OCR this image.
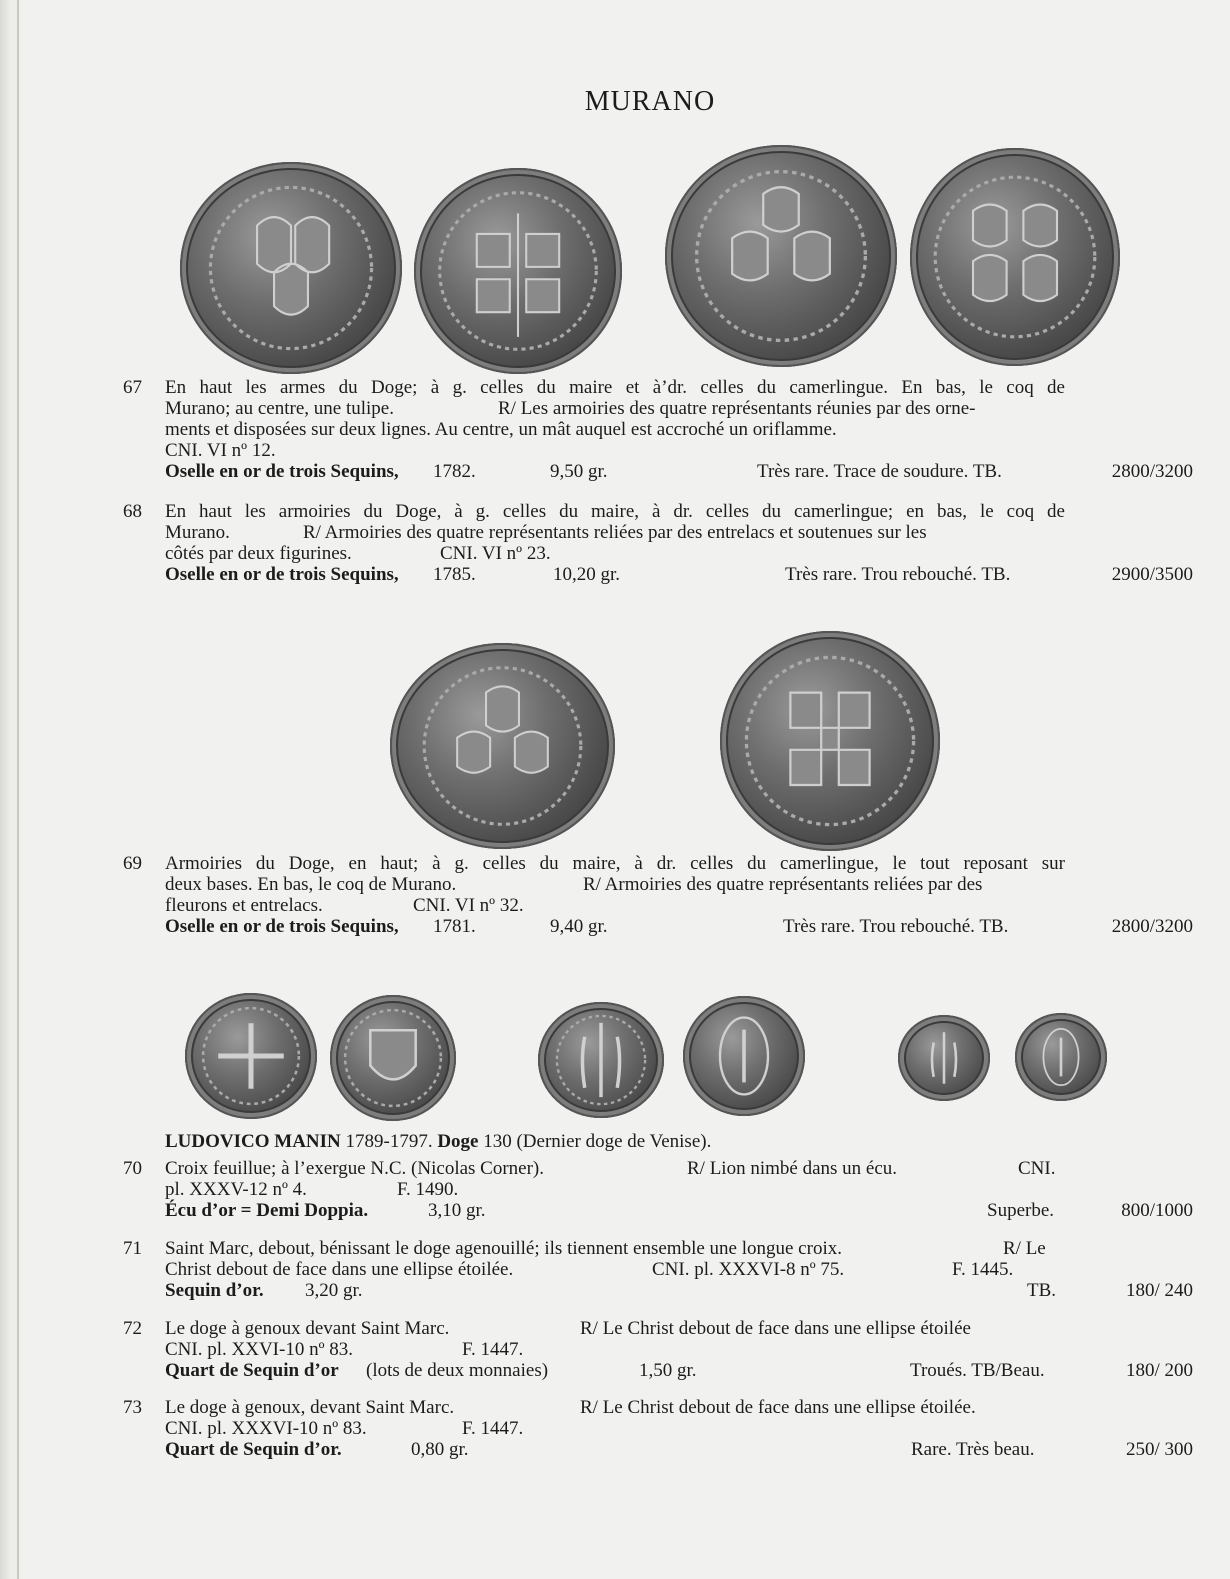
MURANO
67	En haut les armes du Doge; à g. celles du maire et àʼdr. celles du camerlingue. En bas, le coq de
Murano; au centre, une tulipe.	R/ Les armoiries des quatre représentants réunies par des orne-
ments et disposées sur deux lignes. Au centre, un mât auquel est accroché un oriflamme.
CNI. VI nº 12.
Oselle en or de trois Sequins, 1782.	9,50 gr.	Très rare. Trace de soudure. TB.	2800/3200
68	En haut les armoiries du Doge, à g. celles du maire, à dr. celles du camerlingue; en bas, le coq de
Murano.	R/ Armoiries des quatre représentants reliées par des entrelacs et soutenues sur les
côtés par deux figurines.	CNI. VI nº 23.
Oselle en or de trois Sequins, 1785.	10,20 gr.	Très rare. Trou rebouché. TB.	2900/3500
69	Armoiries du Doge, en haut; à g. celles du maire, à dr. celles du camerlingue, le tout reposant sur
deux bases. En bas, le coq de Murano.	R/ Armoiries des quatre représentants reliées par des
fleurons et entrelacs.	CNI. VI nº 32.
Oselle en or de trois Sequins, 1781.	9,40 gr.	Très rare. Trou rebouché. TB.	2800/3200
LUDOVICO MANIN 1789-1797. Doge 130 (Dernier doge de Venise).
70	Croix feuillue; à l’exergue N.C. (Nicolas Corner).	R/ Lion nimbé dans un écu.	CNI.
pl. XXXV-12 nº 4.	F. 1490.
Écu d’or = Demi Doppia.	3,10 gr.	Superbe.	800/1000
71	Saint Marc, debout, bénissant le doge agenouillé; ils tiennent ensemble une longue croix.	R/ Le
Christ debout de face dans une ellipse étoilée.	CNI. pl. XXXVI-8 nº 75.	F. 1445.
Sequin d’or. 3,20 gr.	TB.	180/ 240
72	Le doge à genoux devant Saint Marc.	R/ Le Christ debout de face dans une ellipse étoilée
CNI. pl. XXVI-10 nº 83.	F. 1447.
Quart de Sequin d’or (lots de deux monnaies)	1,50 gr.	Troués. TB/Beau.	180/ 200
73	Le doge à genoux, devant Saint Marc.	R/ Le Christ debout de face dans une ellipse étoilée.
CNI. pl. XXXVI-10 nº 83.	F. 1447.
Quart de Sequin d’or.	0,80 gr.	Rare. Très beau.	250/ 300
